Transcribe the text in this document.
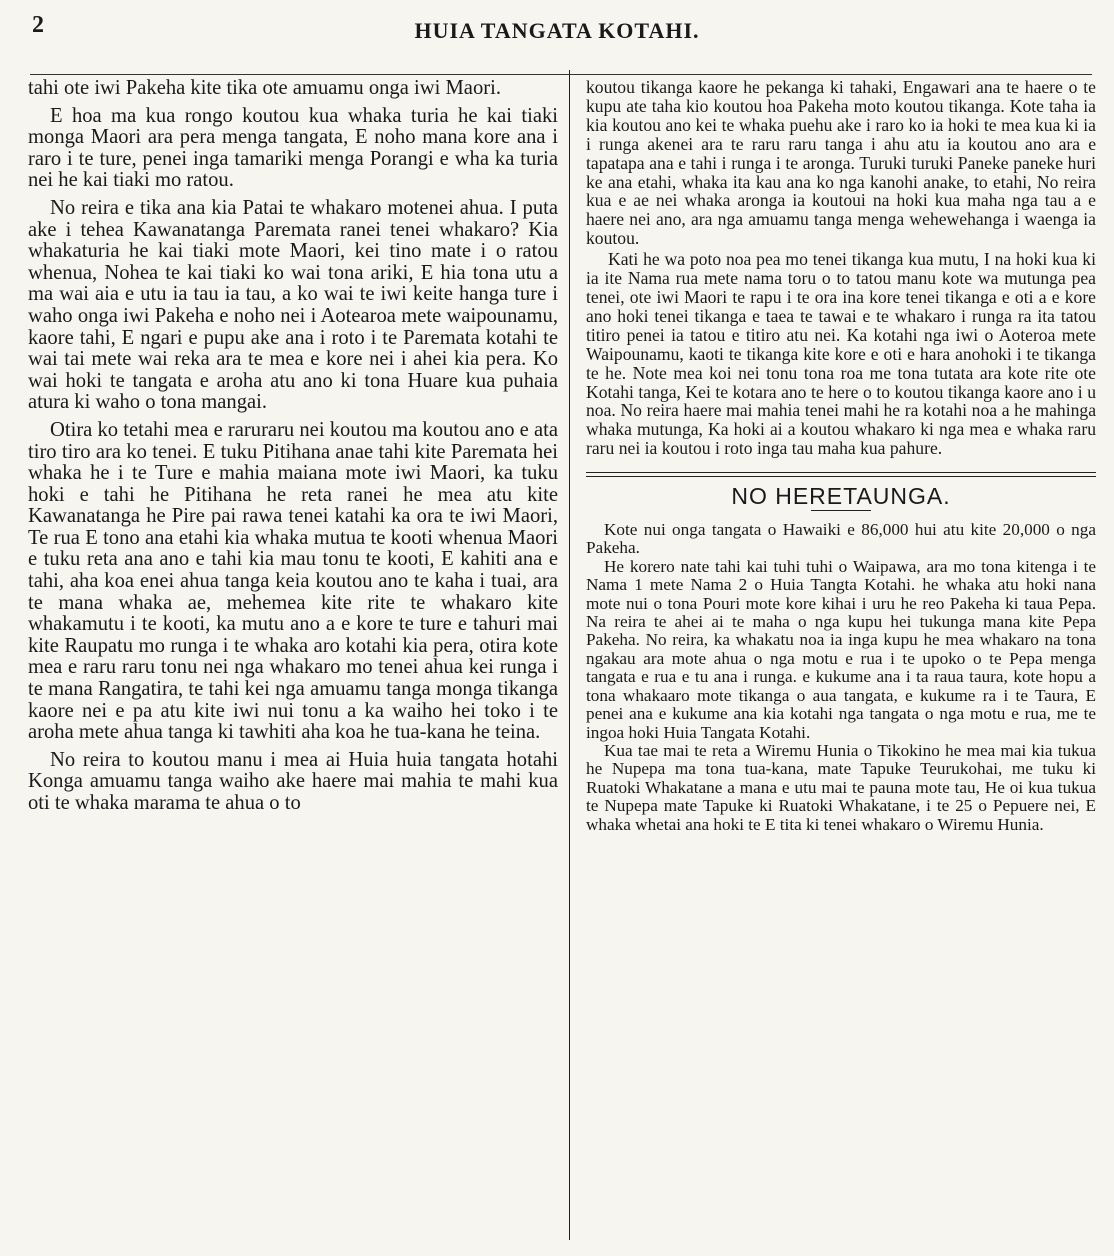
2	HUIA TANGATA KOTAHI.

tahi ote iwi Pakeha kite tika ote amuamu onga iwi Maori.

E hoa ma kua rongo koutou kua whaka turia he kai tiaki monga Maori ara pera menga tangata, E noho mana kore ana i raro i te ture, penei inga tamariki menga Porangi e wha ka turia nei he kai tiaki mo ratou.

No reira e tika ana kia Patai te whakaro motenei ahua. I puta ake i tehea Kawanatanga Paremata ranei tenei whakaro? Kia whakaturia he kai tiaki mote Maori, kei tino mate i o ratou whenua, Nohea te kai tiaki ko wai tona ariki, E hia tona utu a ma wai aia e utu ia tau ia tau, a ko wai te iwi keite hanga ture i waho onga iwi Pakeha e noho nei i Aotearoa mete waipounamu, kaore tahi, E ngari e pupu ake ana i roto i te Paremata kotahi te wai tai mete wai reka ara te mea e kore nei i ahei kia pera. Ko wai hoki te tangata e aroha atu ano ki tona Huare kua puhaia atura ki waho o tona mangai.

Otira ko tetahi mea e raruraru nei koutou ma koutou ano e ata tiro tiro ara ko tenei. E tuku Pitihana anae tahi kite Paremata hei whaka he i te Ture e mahia maiana mote iwi Maori, ka tuku hoki e tahi he Pitihana he reta ranei he mea atu kite Kawanatanga he Pire pai rawa tenei katahi ka ora te iwi Maori, Te rua E tono ana etahi kia whaka mutua te kooti whenua Maori e tuku reta ana ano e tahi kia mau tonu te kooti, E kahiti ana e tahi, aha koa enei ahua tanga keia koutou ano te kaha i tuai, ara te mana whaka ae, mehemea kite rite te whakaro kite whakamutu i te kooti, ka mutu ano a e kore te ture e tahuri mai kite Raupatu mo runga i te whaka aro kotahi kia pera, otira kote mea e raru raru tonu nei nga whakaro mo tenei ahua kei runga i te mana Rangatira, te tahi kei nga amuamu tanga monga tikanga kaore nei e pa atu kite iwi nui tonu a ka waiho hei toko i te aroha mete ahua tanga ki tawhiti aha koa he tua-kana he teina.

No reira to koutou manu i mea ai Huia huia tangata hotahi Konga amuamu tanga waiho ake haere mai mahia te mahi kua oti te whaka marama te ahua o to

koutou tikanga kaore he pekanga ki tahaki, Engawari ana te haere o te kupu ate taha kio koutou hoa Pakeha moto koutou tikanga. Kote taha ia kia koutou ano kei te whaka puehu ake i raro ko ia hoki te mea kua ki ia i runga akenei ara te raru raru tanga i ahu atu ia koutou ano ara e tapatapa ana e tahi i runga i te aronga. Turuki turuki Paneke paneke huri ke ana etahi, whaka ita kau ana ko nga kanohi anake, to etahi, No reira kua e ae nei whaka aronga ia koutoui na hoki kua maha nga tau a e haere nei ano, ara nga amuamu tanga menga wehewehanga i waenga ia koutou.

Kati he wa poto noa pea mo tenei tikanga kua mutu, I na hoki kua ki ia ite Nama rua mete nama toru o to tatou manu kote wa mutunga pea tenei, ote iwi Maori te rapu i te ora ina kore tenei tikanga e oti a e kore ano hoki tenei tikanga e taea te tawai e te whakaro i runga ra ita tatou titiro penei ia tatou e titiro atu nei. Ka kotahi nga iwi o Aoteroa mete Waipounamu, kaoti te tikanga kite kore e oti e hara anohoki i te tikanga te he. Note mea koi nei tonu tona roa me tona tutata ara kote rite ote Kotahi tanga, Kei te kotara ano te here o to koutou tikanga kaore ano i u noa. No reira haere mai mahia tenei mahi he ra kotahi noa a he mahinga whaka mutunga, Ka hoki ai a koutou whakaro ki nga mea e whaka raru raru nei ia koutou i roto inga tau maha kua pahure.

NO HERETAUNGA.

Kote nui onga tangata o Hawaiki e 86,000 hui atu kite 20,000 o nga Pakeha.

He korero nate tahi kai tuhi tuhi o Waipawa, ara mo tona kitenga i te Nama 1 mete Nama 2 o Huia Tangta Kotahi. he whaka atu hoki nana mote nui o tona Pouri mote kore kihai i uru he reo Pakeha ki taua Pepa. Na reira te ahei ai te maha o nga kupu hei tukunga mana kite Pepa Pakeha. No reira, ka whakatu noa ia inga kupu he mea whakaro na tona ngakau ara mote ahua o nga motu e rua i te upoko o te Pepa menga tangata e rua e tu ana i runga. e kukume ana i ta raua taura, kote hopu a tona whakaaro mote tikanga o aua tangata, e kukume ra i te Taura, E penei ana e kukume ana kia kotahi nga tangata o nga motu e rua, me te ingoa hoki Huia Tangata Kotahi.

Kua tae mai te reta a Wiremu Hunia o Tikokino he mea mai kia tukua he Nupepa ma tona tua-kana, mate Tapuke Teurukohai, me tuku ki Ruatoki Whakatane a mana e utu mai te pauna mote tau, He oi kua tukua te Nupepa mate Tapuke ki Ruatoki Whakatane, i te 25 o Pepuere nei, E whaka whetai ana hoki te E tita ki tenei whakaro o Wiremu Hunia.
